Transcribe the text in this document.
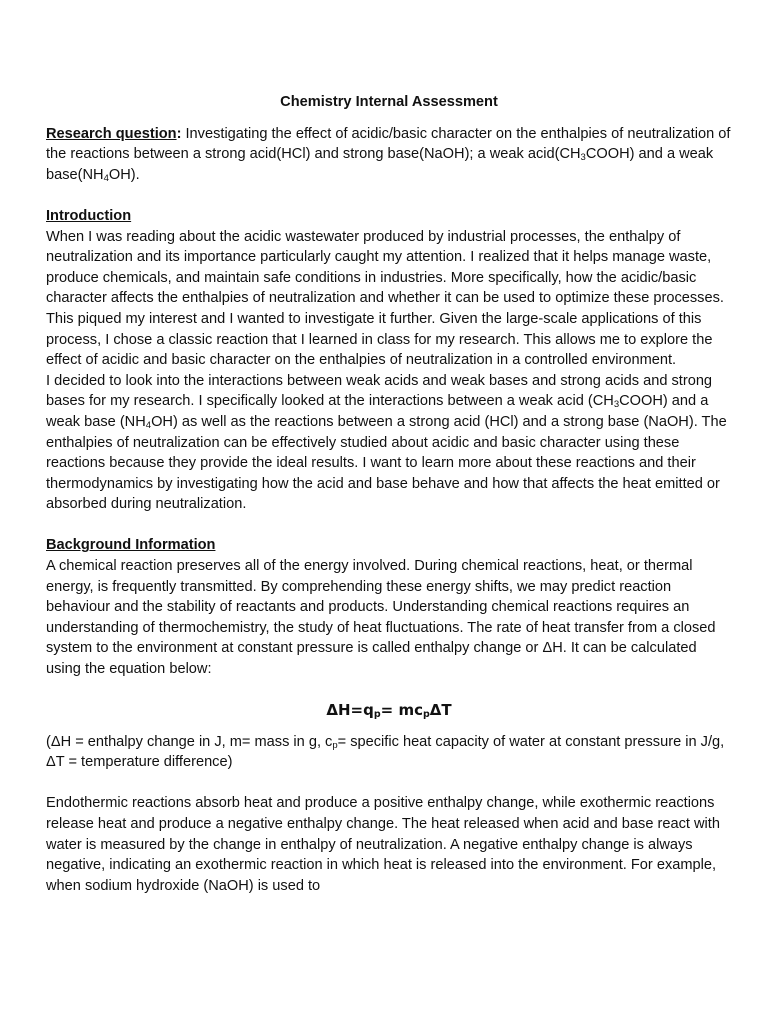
Chemistry Internal Assessment

Research question: Investigating the effect of acidic/basic character on the enthalpies of neutralization of the reactions between a strong acid(HCl) and strong base(NaOH); a weak $acid(CH_3COOH)$ and a weak $base(NH_4OH)$.

Introduction

When I was reading about the acidic wastewater produced by industrial processes, the enthalpy of neutralization and its importance particularly caught my attention. I realized that it helps manage waste, produce chemicals, and maintain safe conditions in industries. More specifically, how the acidic/basic character affects the enthalpies of neutralization and whether it can be used to optimize these processes. This piqued my interest and I wanted to investigate it further. Given the large-scale applications of this process, I chose a classic reaction that I learned in class for my research. This allows me to explore the effect of acidic and basic character on the enthalpies of neutralization in a controlled environment.

I decided to look into the interactions between weak acids and weak bases and strong acids and strong bases for my research. I specifically looked at the interactions between a weak acid $(CH_3COOH)$ and a weak base $(NH_4OH)$ as well as the reactions between a strong acid (HCl) and a strong base (NaOH). The enthalpies of neutralization can be effectively studied about acidic and basic character using these reactions because they provide the ideal results. I want to learn more about these reactions and their thermodynamics by investigating how the acid and base behave and how that affects the heat emitted or absorbed during neutralization.

Background Information

A chemical reaction preserves all of the energy involved. During chemical reactions, heat, or thermal energy, is frequently transmitted. By comprehending these energy shifts, we may predict reaction behaviour and the stability of reactants and products. Understanding chemical reactions requires an understanding of thermochemistry, the study of heat fluctuations. The rate of heat transfer from a closed system to the environment at constant pressure is called enthalpy change or ΔH. It can be calculated using the equation below:

$\Delta H=q_p= mc_p\Delta T$

(ΔH = enthalpy change in J, m= mass in g, $c_p=$ specific heat capacity of water at constant pressure in J/g, ΔT = temperature difference)

Endothermic reactions absorb heat and produce a positive enthalpy change, while exothermic reactions release heat and produce a negative enthalpy change. The heat released when acid and base react with water is measured by the change in enthalpy of neutralization. A negative enthalpy change is always negative, indicating an exothermic reaction in which heat is released into the environment. For example, when sodium hydroxide (NaOH) is used to
